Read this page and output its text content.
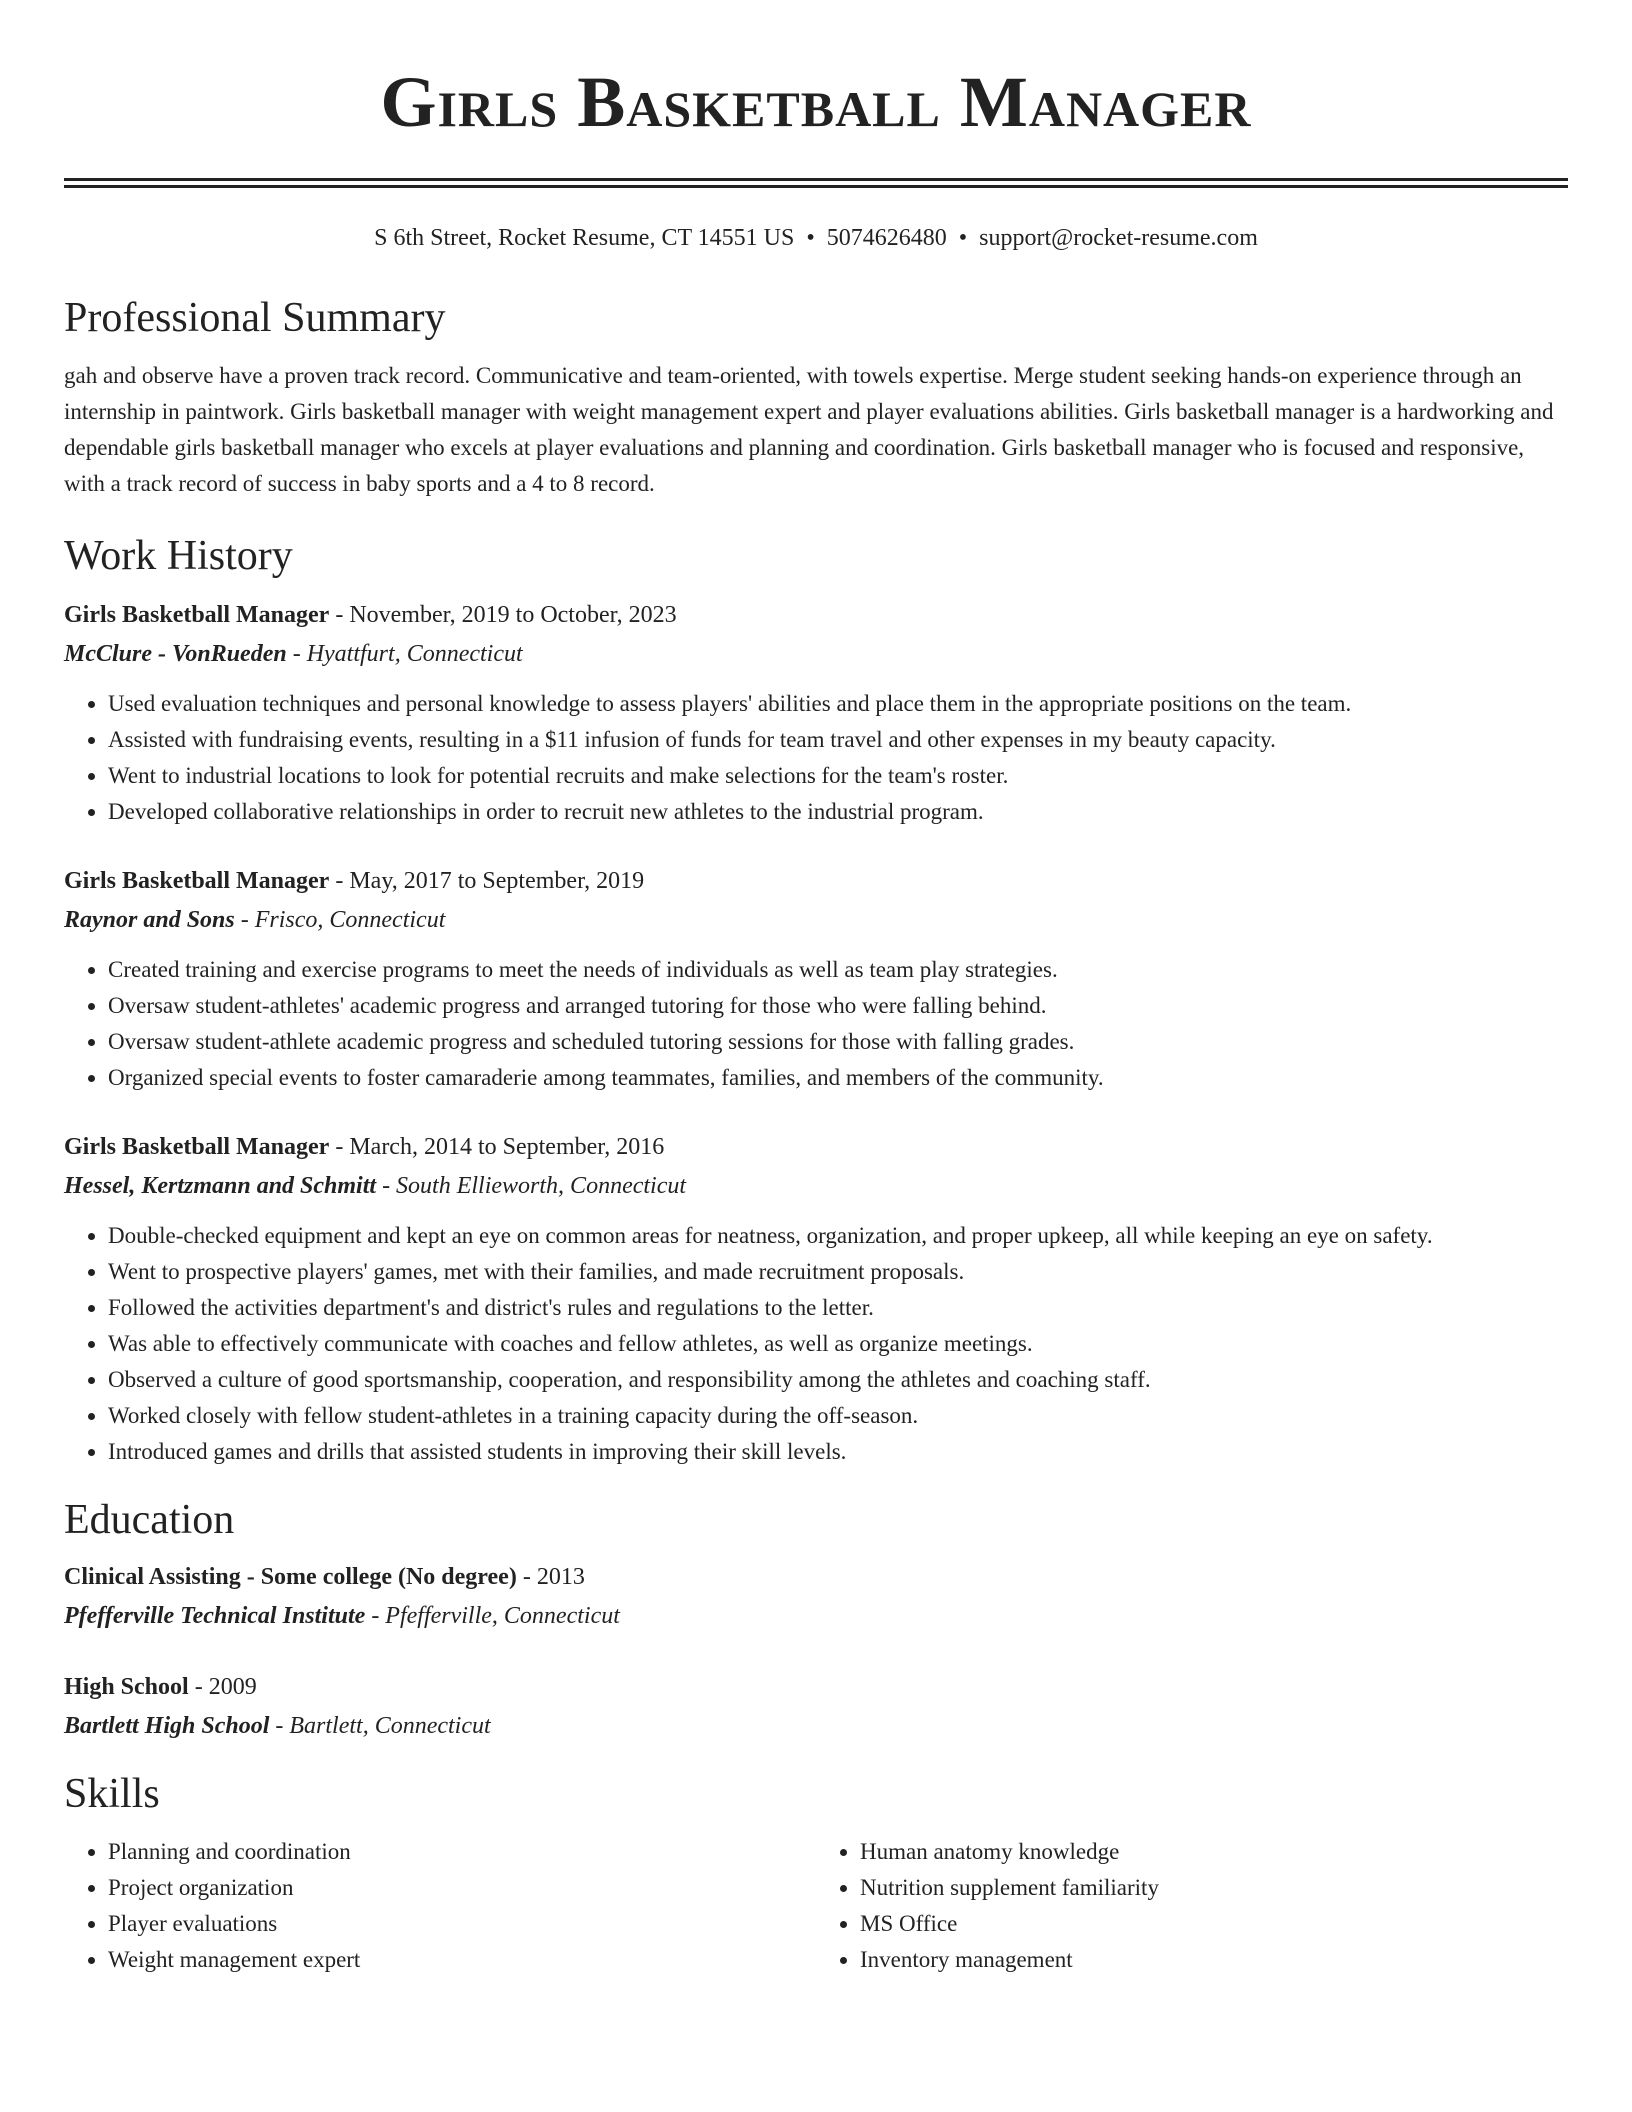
Girls Basketball Manager
S 6th Street, Rocket Resume, CT 14551 US • 5074626480 • support@rocket-resume.com
Professional Summary
gah and observe have a proven track record. Communicative and team-oriented, with towels expertise. Merge student seeking hands-on experience through an internship in paintwork. Girls basketball manager with weight management expert and player evaluations abilities. Girls basketball manager is a hardworking and dependable girls basketball manager who excels at player evaluations and planning and coordination. Girls basketball manager who is focused and responsive, with a track record of success in baby sports and a 4 to 8 record.
Work History
Girls Basketball Manager - November, 2019 to October, 2023
McClure - VonRueden - Hyattfurt, Connecticut
• Used evaluation techniques and personal knowledge to assess players' abilities and place them in the appropriate positions on the team.
• Assisted with fundraising events, resulting in a $11 infusion of funds for team travel and other expenses in my beauty capacity.
• Went to industrial locations to look for potential recruits and make selections for the team's roster.
• Developed collaborative relationships in order to recruit new athletes to the industrial program.
Girls Basketball Manager - May, 2017 to September, 2019
Raynor and Sons - Frisco, Connecticut
• Created training and exercise programs to meet the needs of individuals as well as team play strategies.
• Oversaw student-athletes' academic progress and arranged tutoring for those who were falling behind.
• Oversaw student-athlete academic progress and scheduled tutoring sessions for those with falling grades.
• Organized special events to foster camaraderie among teammates, families, and members of the community.
Girls Basketball Manager - March, 2014 to September, 2016
Hessel, Kertzmann and Schmitt - South Ellieworth, Connecticut
• Double-checked equipment and kept an eye on common areas for neatness, organization, and proper upkeep, all while keeping an eye on safety.
• Went to prospective players' games, met with their families, and made recruitment proposals.
• Followed the activities department's and district's rules and regulations to the letter.
• Was able to effectively communicate with coaches and fellow athletes, as well as organize meetings.
• Observed a culture of good sportsmanship, cooperation, and responsibility among the athletes and coaching staff.
• Worked closely with fellow student-athletes in a training capacity during the off-season.
• Introduced games and drills that assisted students in improving their skill levels.
Education
Clinical Assisting - Some college (No degree) - 2013
Pfefferville Technical Institute - Pfefferville, Connecticut
High School - 2009
Bartlett High School - Bartlett, Connecticut
Skills
• Planning and coordination
• Project organization
• Player evaluations
• Weight management expert
• Human anatomy knowledge
• Nutrition supplement familiarity
• MS Office
• Inventory management
